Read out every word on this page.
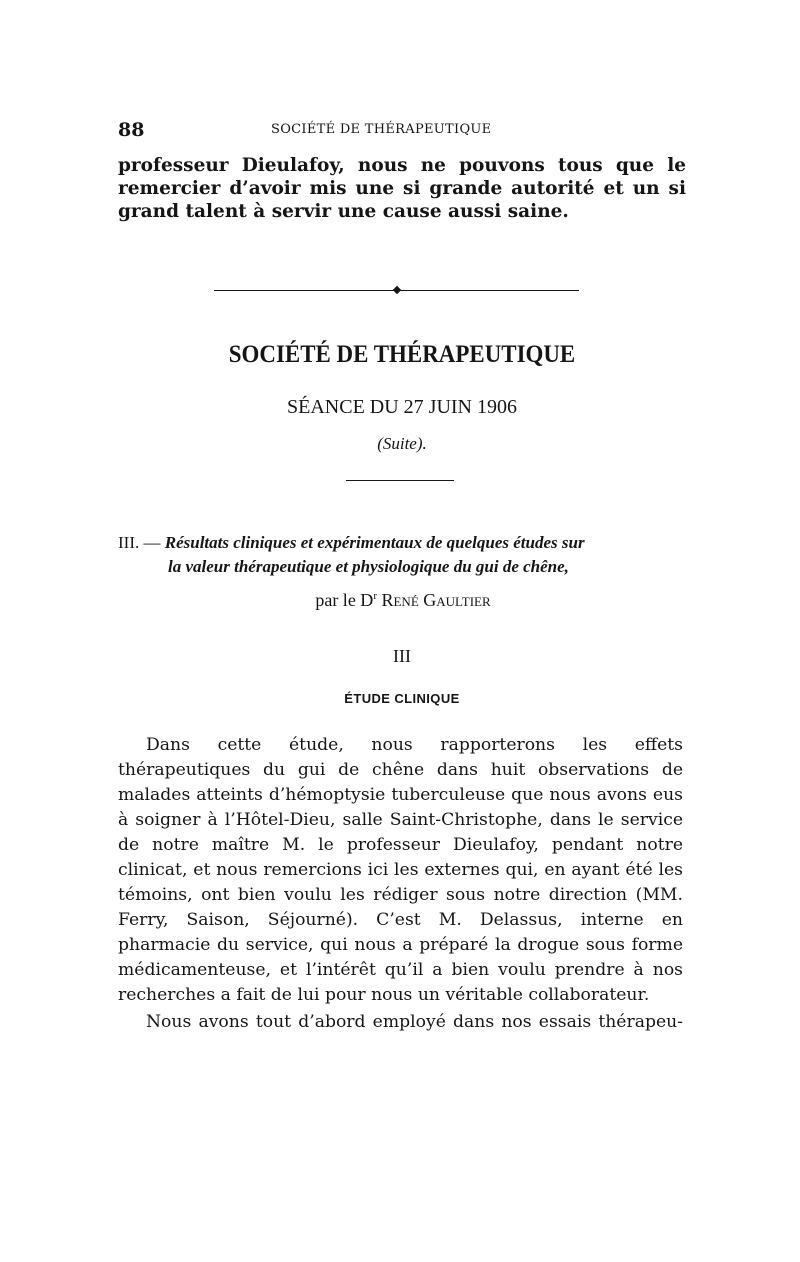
88	SOCIÉTÉ DE THÉRAPEUTIQUE

professeur Dieulafoy, nous ne pouvons tous que le remercier d’avoir mis une si grande autorité et un si grand talent à servir une cause aussi saine.

SOCIÉTÉ DE THÉRAPEUTIQUE
SÉANCE DU 27 JUIN 1906
(Suite).
III. — Résultats cliniques et expérimentaux de quelques études sur
la valeur thérapeutique et physiologique du gui de chêne,
par le $D^r$ René Gaultier
III
ÉTUDE CLINIQUE

Dans cette étude, nous rapporterons les effets thérapeutiques du gui de chêne dans huit observations de malades atteints d’hémoptysie tuberculeuse que nous avons eus à soigner à l’Hôtel-Dieu, salle Saint-Christophe, dans le service de notre maître M. le professeur Dieulafoy, pendant notre clinicat, et nous remercions ici les externes qui, en ayant été les témoins, ont bien voulu les rédiger sous notre direction (MM. Ferry, Saison, Séjourné). C’est M. Delassus, interne en pharmacie du service, qui nous a préparé la drogue sous forme médicamenteuse, et l’intérêt qu’il a bien voulu prendre à nos recherches a fait de lui pour nous un véritable collaborateur.

Nous avons tout d’abord employé dans nos essais thérapeu-
